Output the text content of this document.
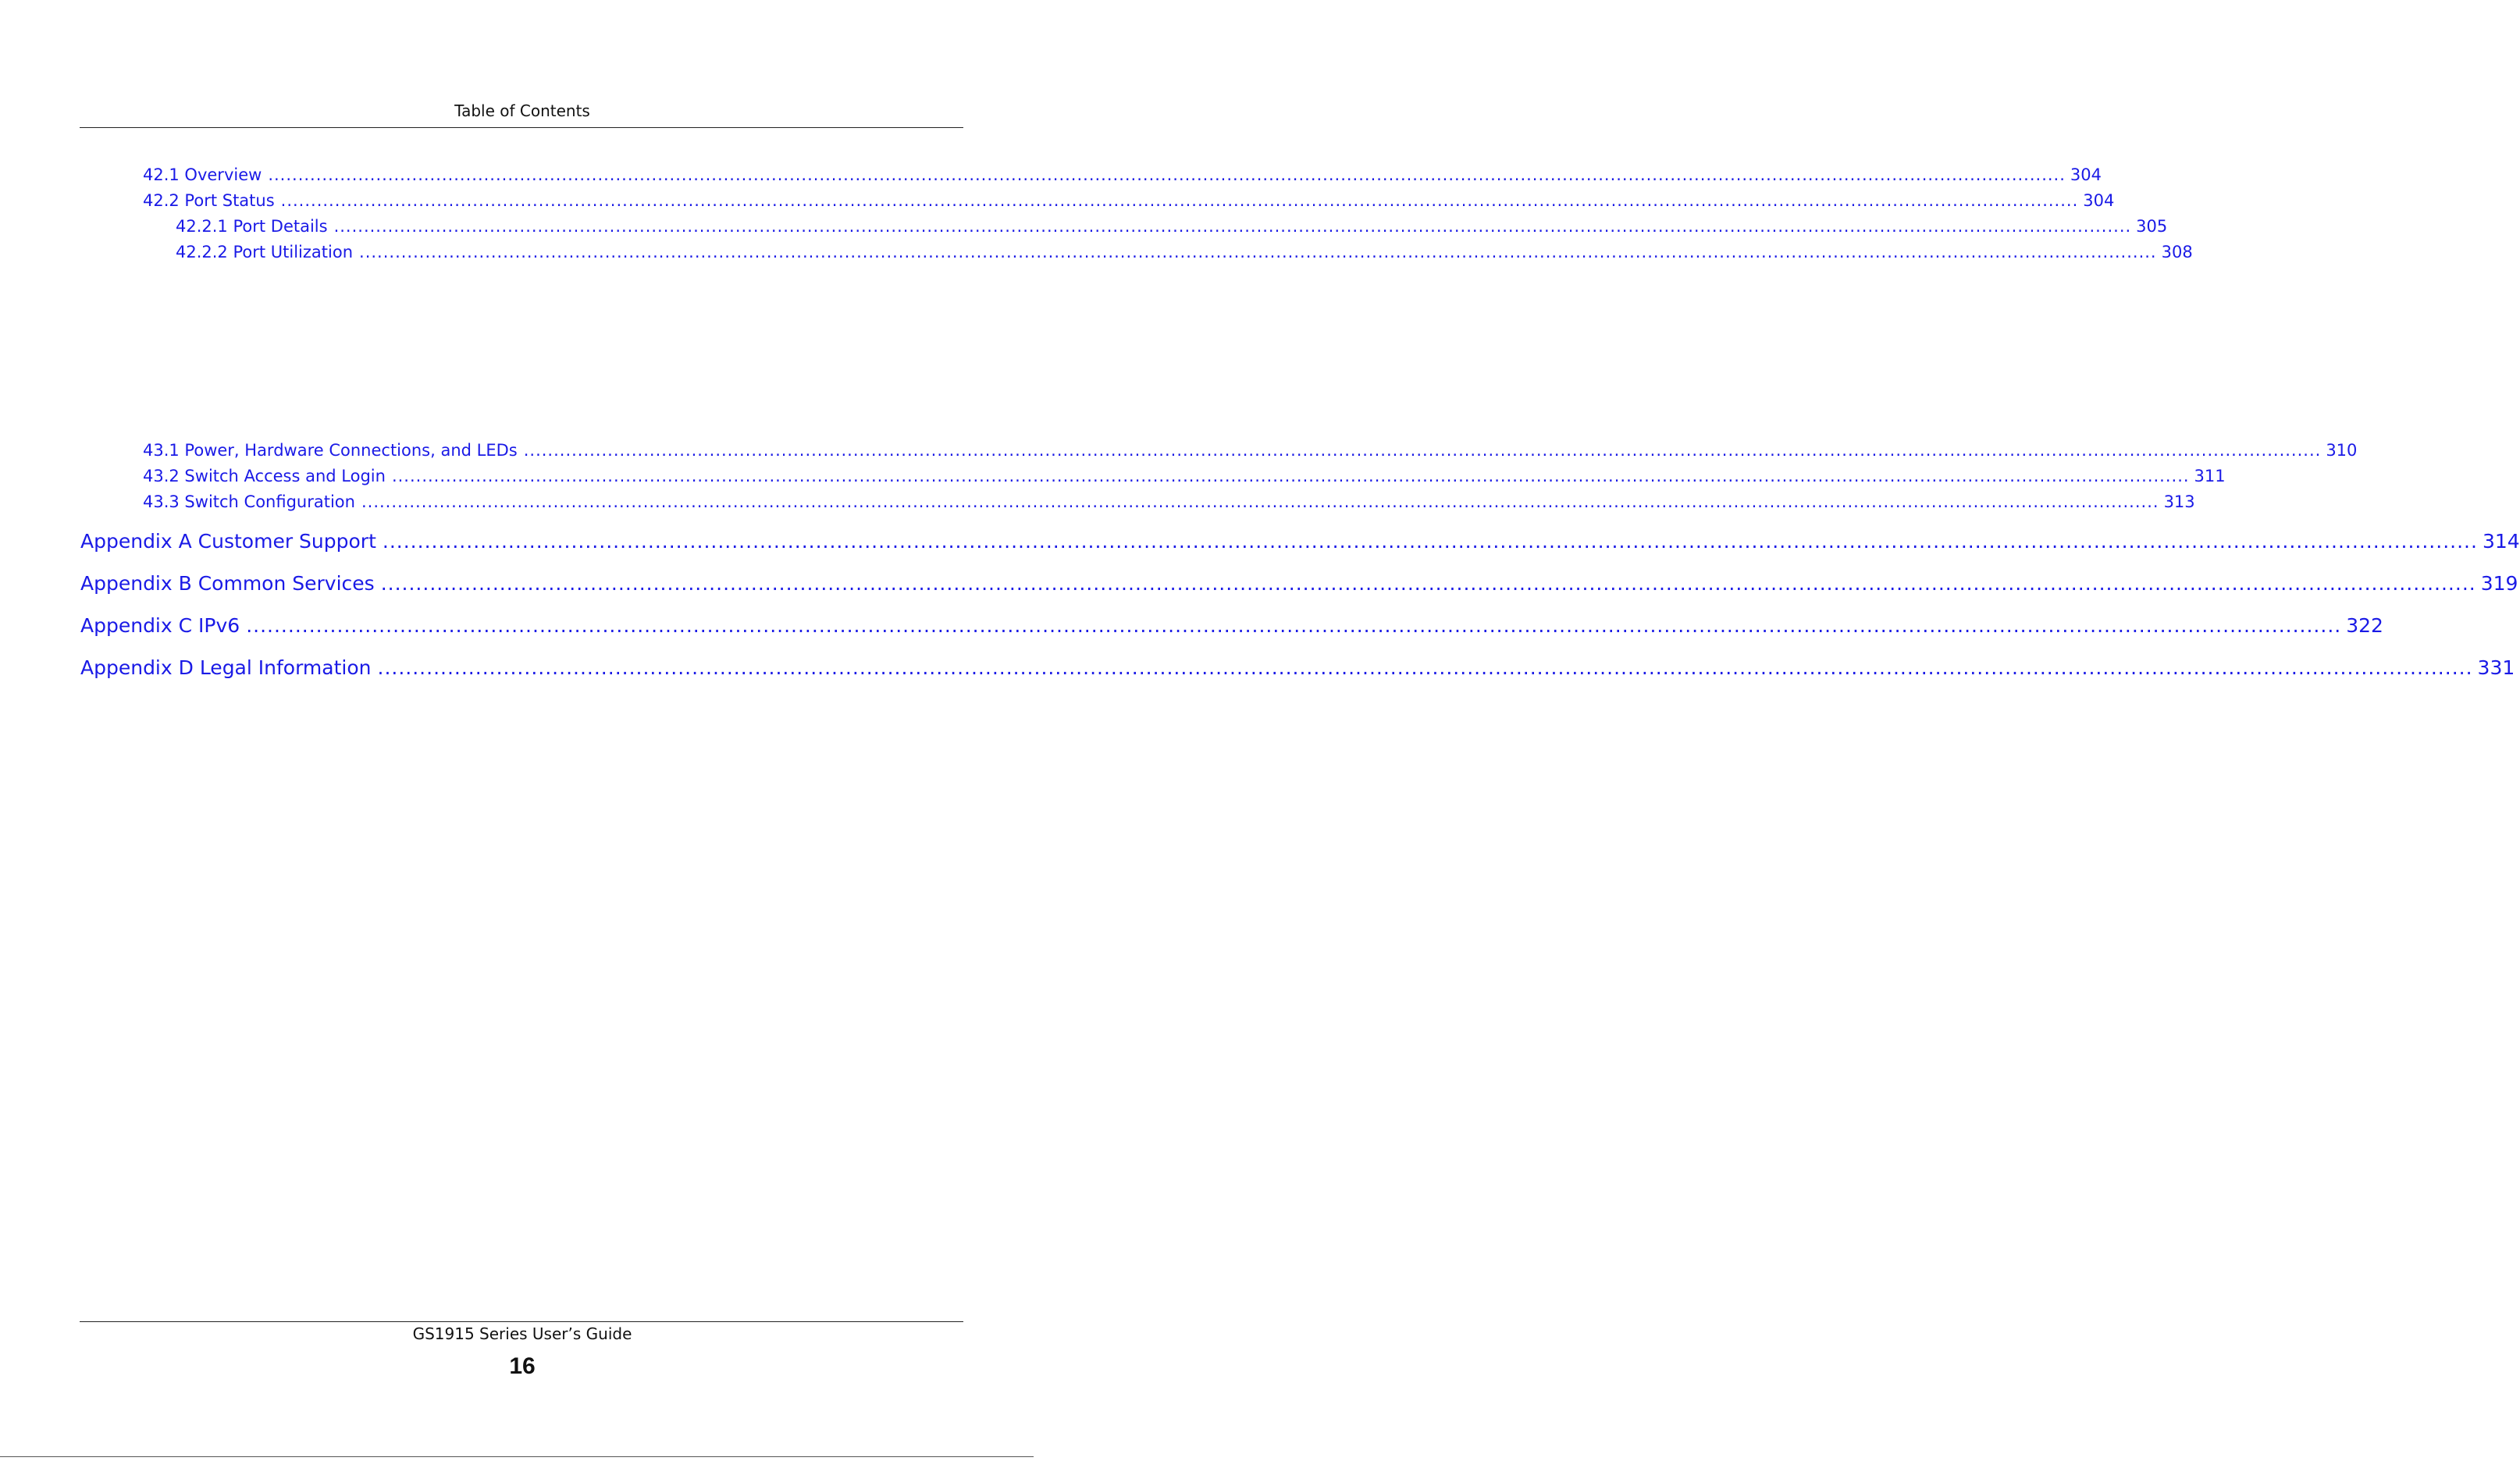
Table of Contents
42.1 Overview ............................................................................................................................................................................................................................................................................................................ 304
42.2 Port Status ............................................................................................................................................................................................................................................................................................................ 304
42.2.1 Port Details ............................................................................................................................................................................................................................................................................................................ 305
42.2.2 Port Utilization ............................................................................................................................................................................................................................................................................................................ 308
43.1 Power, Hardware Connections, and LEDs ............................................................................................................................................................................................................................................................................................................ 310
43.2 Switch Access and Login ............................................................................................................................................................................................................................................................................................................ 311
43.3 Switch Configuration ............................................................................................................................................................................................................................................................................................................ 313
Appendix A Customer Support ............................................................................................................................................................................................................................................................................................................ 314
Appendix B Common Services ............................................................................................................................................................................................................................................................................................................ 319
Appendix C IPv6 ............................................................................................................................................................................................................................................................................................................ 322
Appendix D Legal Information ............................................................................................................................................................................................................................................................................................................ 331
GS1915 Series User’s Guide
16
